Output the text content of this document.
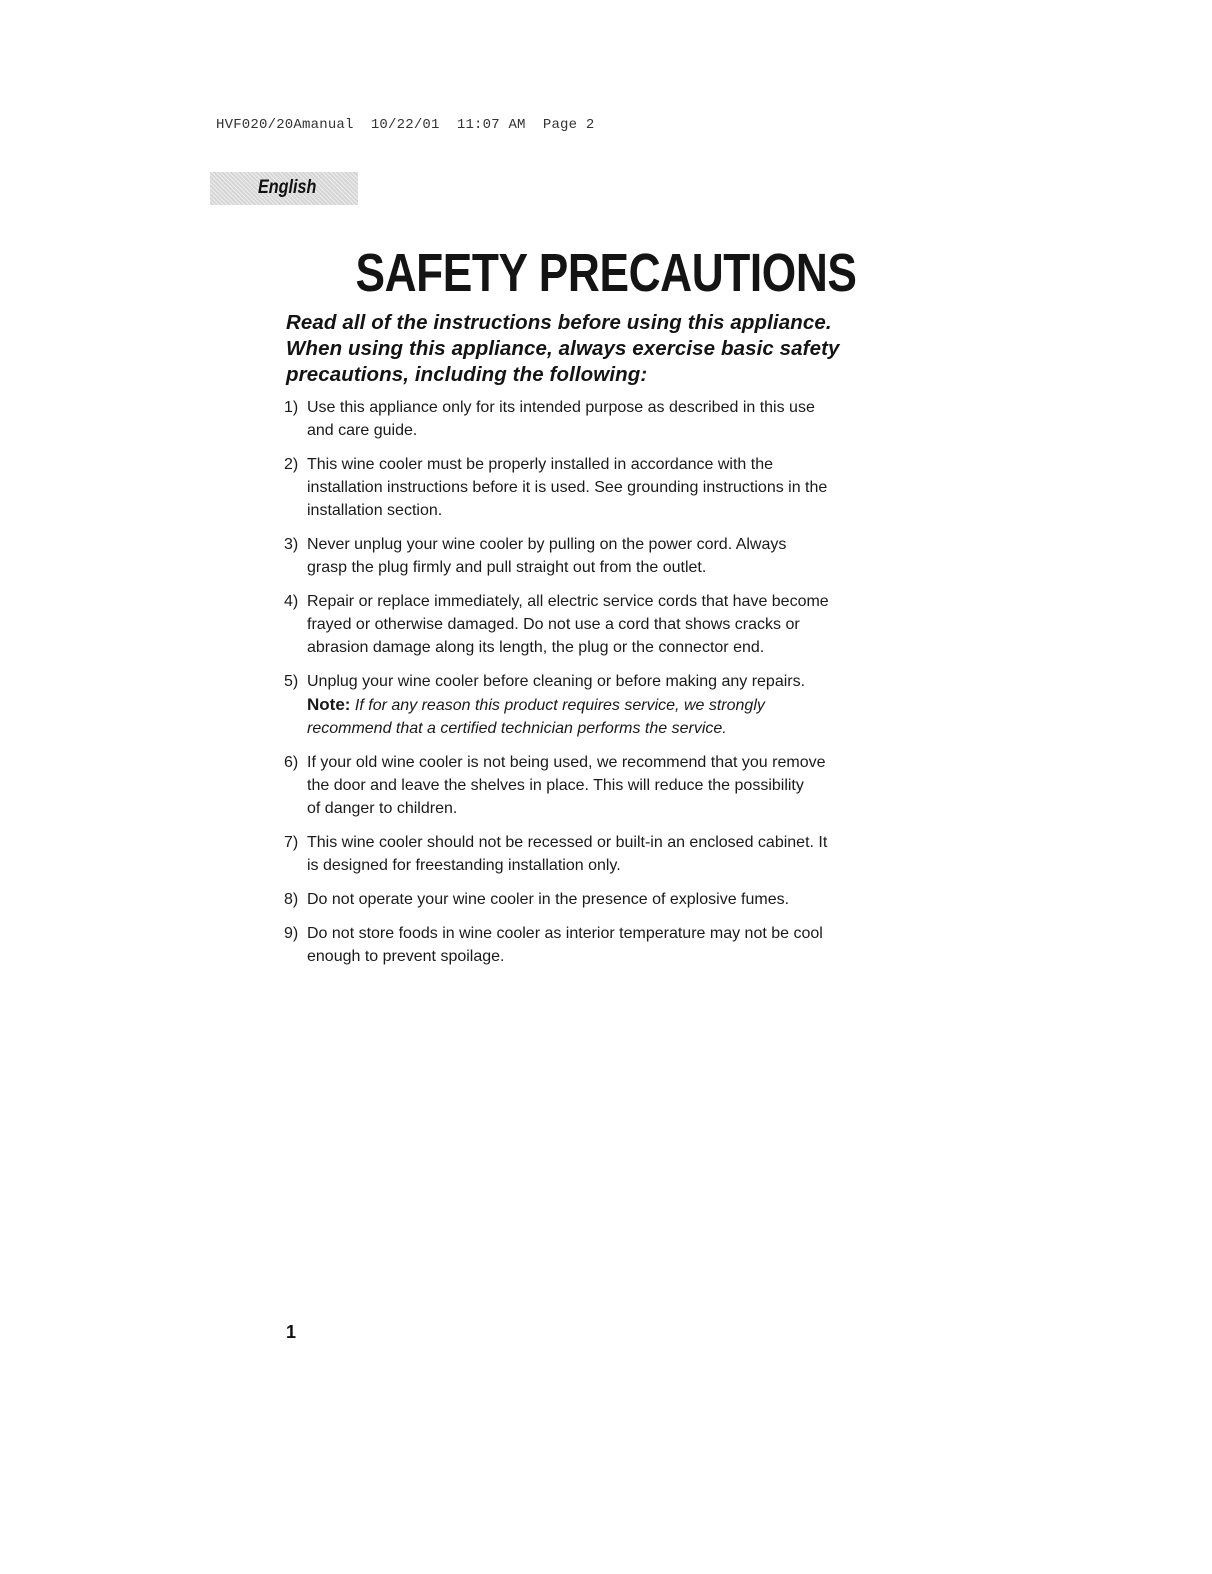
HVF020/20Amanual  10/22/01  11:07 AM  Page 2
English
SAFETY PRECAUTIONS

Read all of the instructions before using this appliance.
When using this appliance, always exercise basic safety
precautions, including the following:

1) Use this appliance only for its intended purpose as described in this use
and care guide.
2) This wine cooler must be properly installed in accordance with the
installation instructions before it is used. See grounding instructions in the
installation section.
3) Never unplug your wine cooler by pulling on the power cord. Always
grasp the plug firmly and pull straight out from the outlet.
4) Repair or replace immediately, all electric service cords that have become
frayed or otherwise damaged. Do not use a cord that shows cracks or
abrasion damage along its length, the plug or the connector end.
5) Unplug your wine cooler before cleaning or before making any repairs.
Note: If for any reason this product requires service, we strongly
recommend that a certified technician performs the service.
6) If your old wine cooler is not being used, we recommend that you remove
the door and leave the shelves in place. This will reduce the possibility
of danger to children.
7) This wine cooler should not be recessed or built-in an enclosed cabinet. It
is designed for freestanding installation only.
8) Do not operate your wine cooler in the presence of explosive fumes.
9) Do not store foods in wine cooler as interior temperature may not be cool
enough to prevent spoilage.
1
